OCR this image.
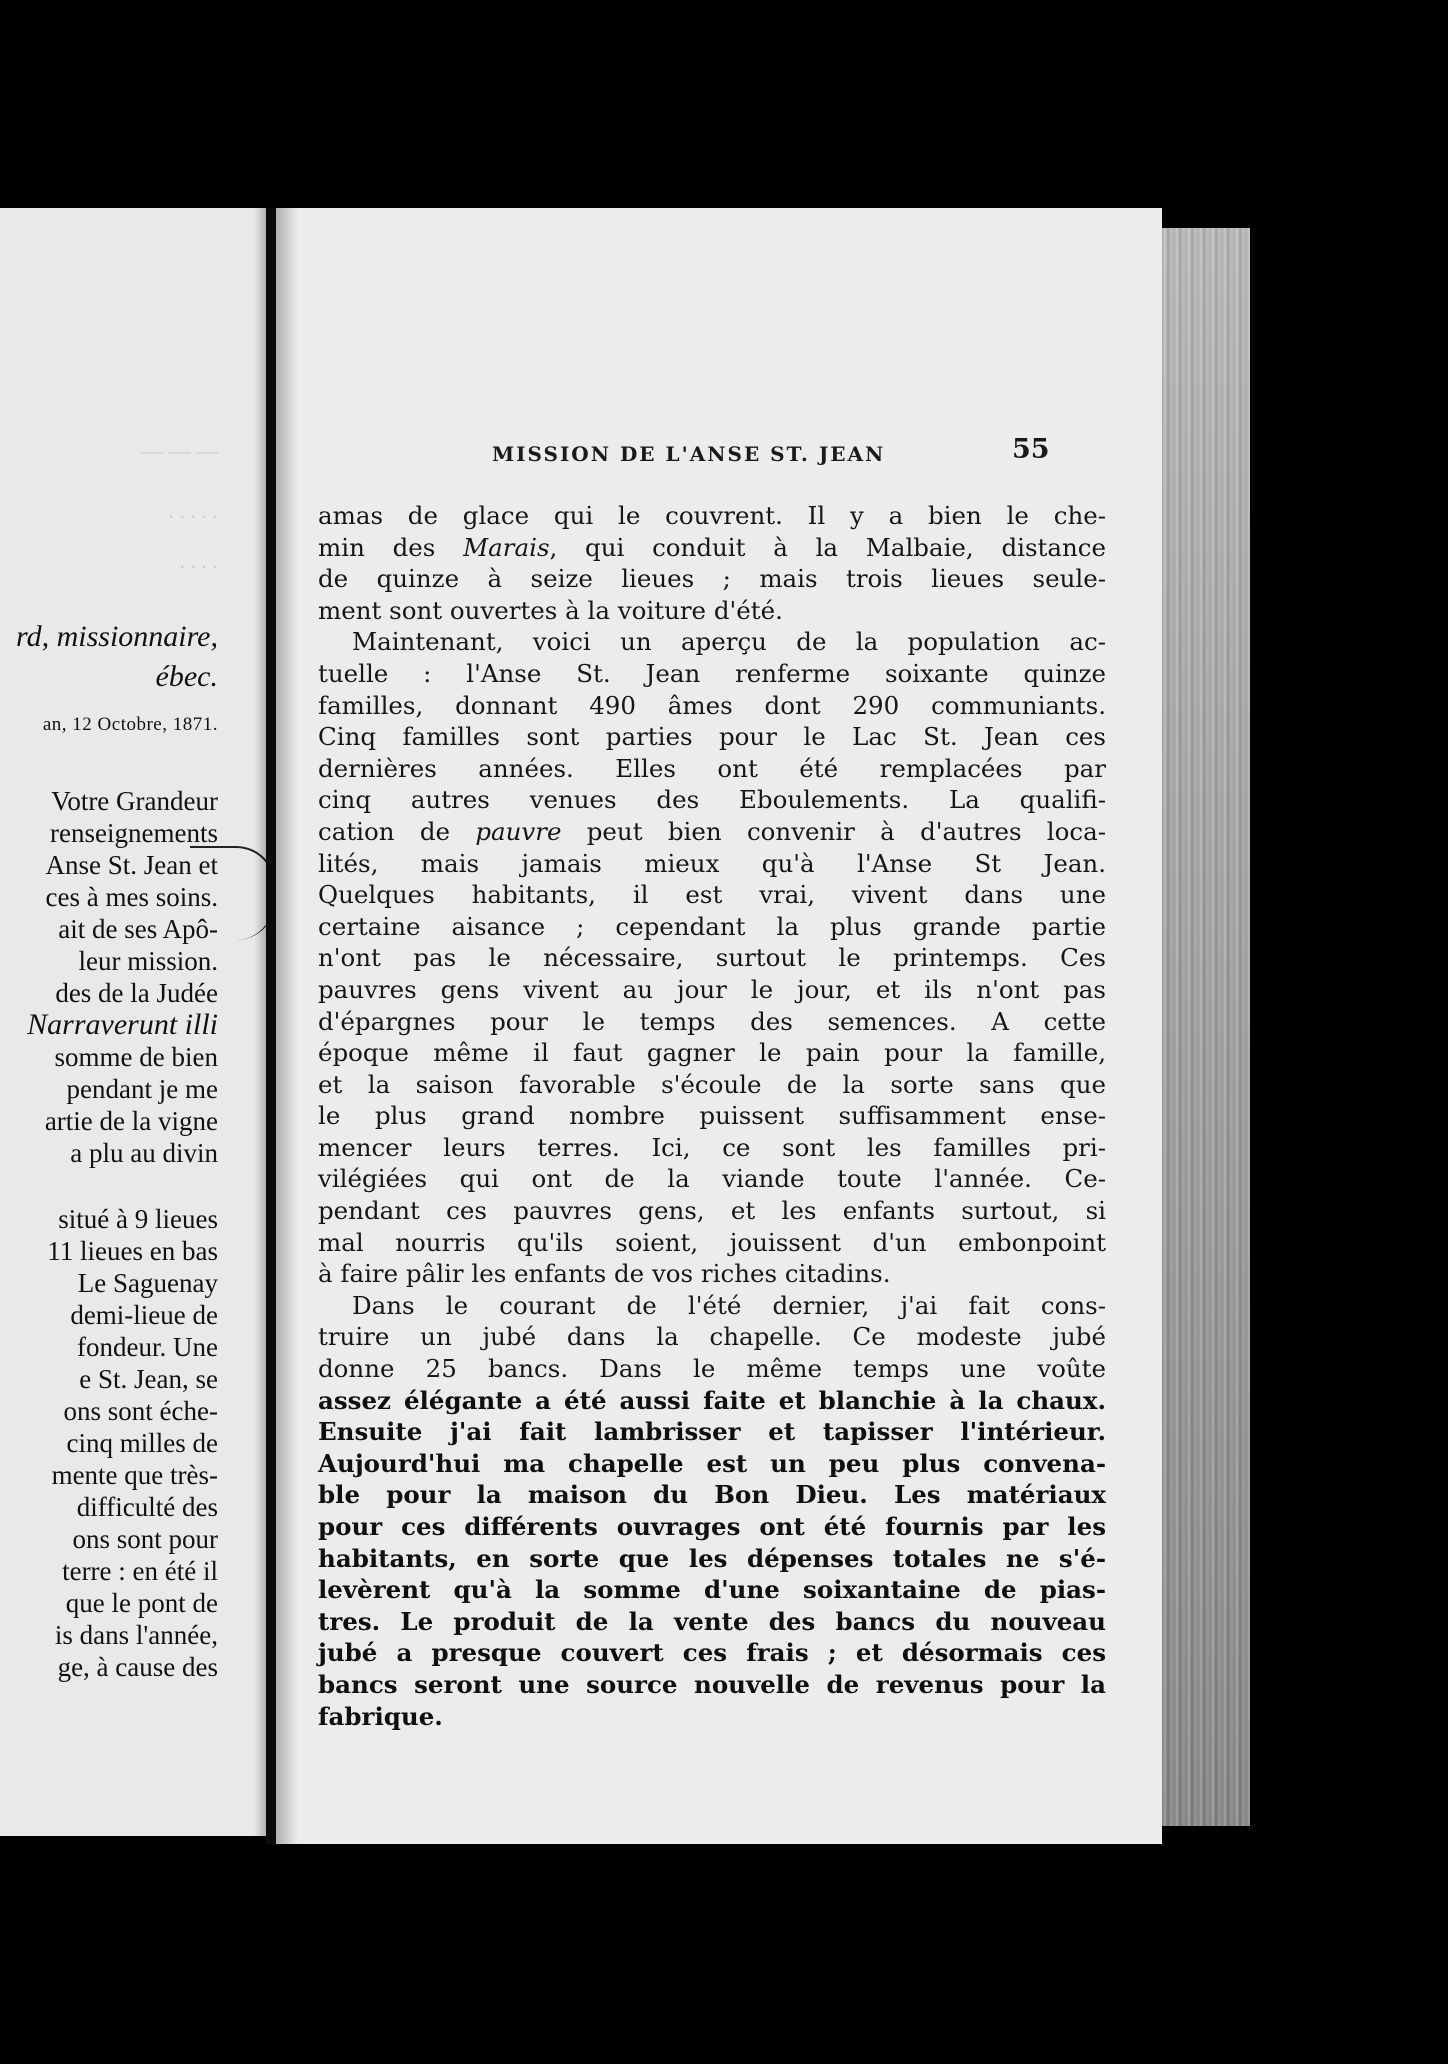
— — —
. . . . .
. . . .
rd, missionnaire,
ébec.
an, 12 Octobre, 1871.
Votre Grandeur
renseignements
Anse St. Jean et
ces à mes soins.
ait de ses Apô-
leur mission.
des de la Judée
Narraverunt illi
somme de bien
pendant je me
artie de la vigne
a plu au divin
situé à 9 lieues
11 lieues en bas
Le Saguenay
demi-lieue de
fondeur. Une
e St. Jean, se
ons sont éche-
cinq milles de
mente que très-
difficulté des
ons sont pour
terre : en été il
que le pont de
is dans l'année,
ge, à cause des
MISSION DE L'ANSE ST. JEAN	55
amas de glace qui le couvrent. Il y a bien le che-
min des Marais, qui conduit à la Malbaie, distance
de quinze à seize lieues ; mais trois lieues seule-
ment sont ouvertes à la voiture d'été.
Maintenant, voici un aperçu de la population ac-
tuelle : l'Anse St. Jean renferme soixante quinze
familles, donnant 490 âmes dont 290 communiants.
Cinq familles sont parties pour le Lac St. Jean ces
dernières années. Elles ont été remplacées par
cinq autres venues des Eboulements. La qualifi-
cation de pauvre peut bien convenir à d'autres loca-
lités, mais jamais mieux qu'à l'Anse St Jean.
Quelques habitants, il est vrai, vivent dans une
certaine aisance ; cependant la plus grande partie
n'ont pas le nécessaire, surtout le printemps. Ces
pauvres gens vivent au jour le jour, et ils n'ont pas
d'épargnes pour le temps des semences. A cette
époque même il faut gagner le pain pour la famille,
et la saison favorable s'écoule de la sorte sans que
le plus grand nombre puissent suffisamment ense-
mencer leurs terres. Ici, ce sont les familles pri-
vilégiées qui ont de la viande toute l'année. Ce-
pendant ces pauvres gens, et les enfants surtout, si
mal nourris qu'ils soient, jouissent d'un embonpoint
à faire pâlir les enfants de vos riches citadins.
Dans le courant de l'été dernier, j'ai fait cons-
truire un jubé dans la chapelle. Ce modeste jubé
donne 25 bancs. Dans le même temps une voûte
assez élégante a été aussi faite et blanchie à la chaux.
Ensuite j'ai fait lambrisser et tapisser l'intérieur.
Aujourd'hui ma chapelle est un peu plus convena-
ble pour la maison du Bon Dieu. Les matériaux
pour ces différents ouvrages ont été fournis par les
habitants, en sorte que les dépenses totales ne s'é-
levèrent qu'à la somme d'une soixantaine de pias-
tres. Le produit de la vente des bancs du nouveau
jubé a presque couvert ces frais ; et désormais ces
bancs seront une source nouvelle de revenus pour la
fabrique.
